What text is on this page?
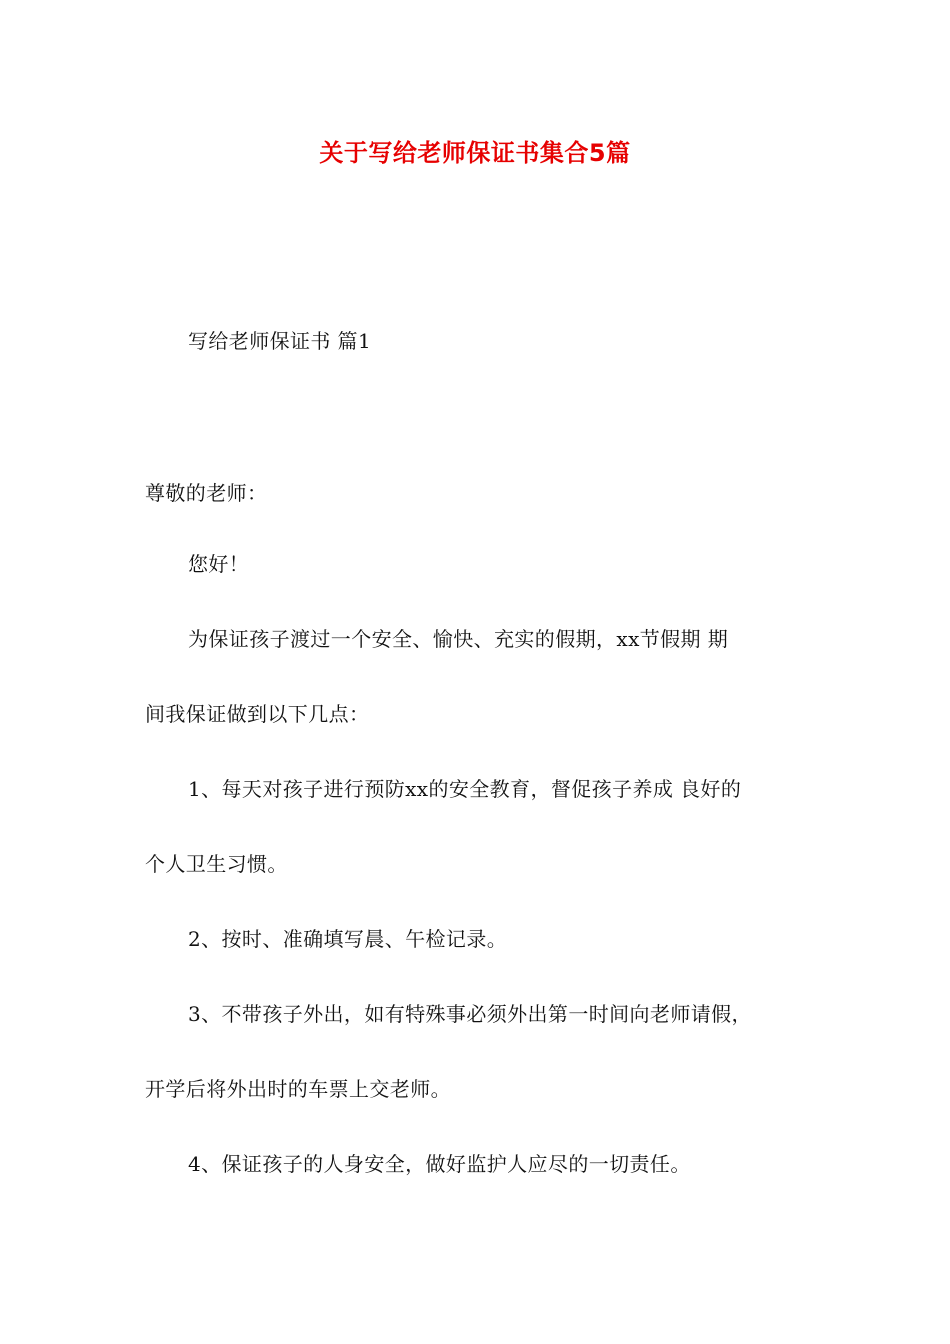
关于写给老师保证书集合5篇
写给老师保证书 篇1
尊敬的老师：
您好！
为保证孩子渡过一个安全、愉快、充实的假期，xx节假期 期
间我保证做到以下几点：
1、每天对孩子进行预防xx的安全教育，督促孩子养成 良好的
个人卫生习惯。
2、按时、准确填写晨、午检记录。
3、不带孩子外出，如有特殊事必须外出第一时间向老师请假，
开学后将外出时的车票上交老师。
4、保证孩子的人身安全，做好监护人应尽的一切责任。
